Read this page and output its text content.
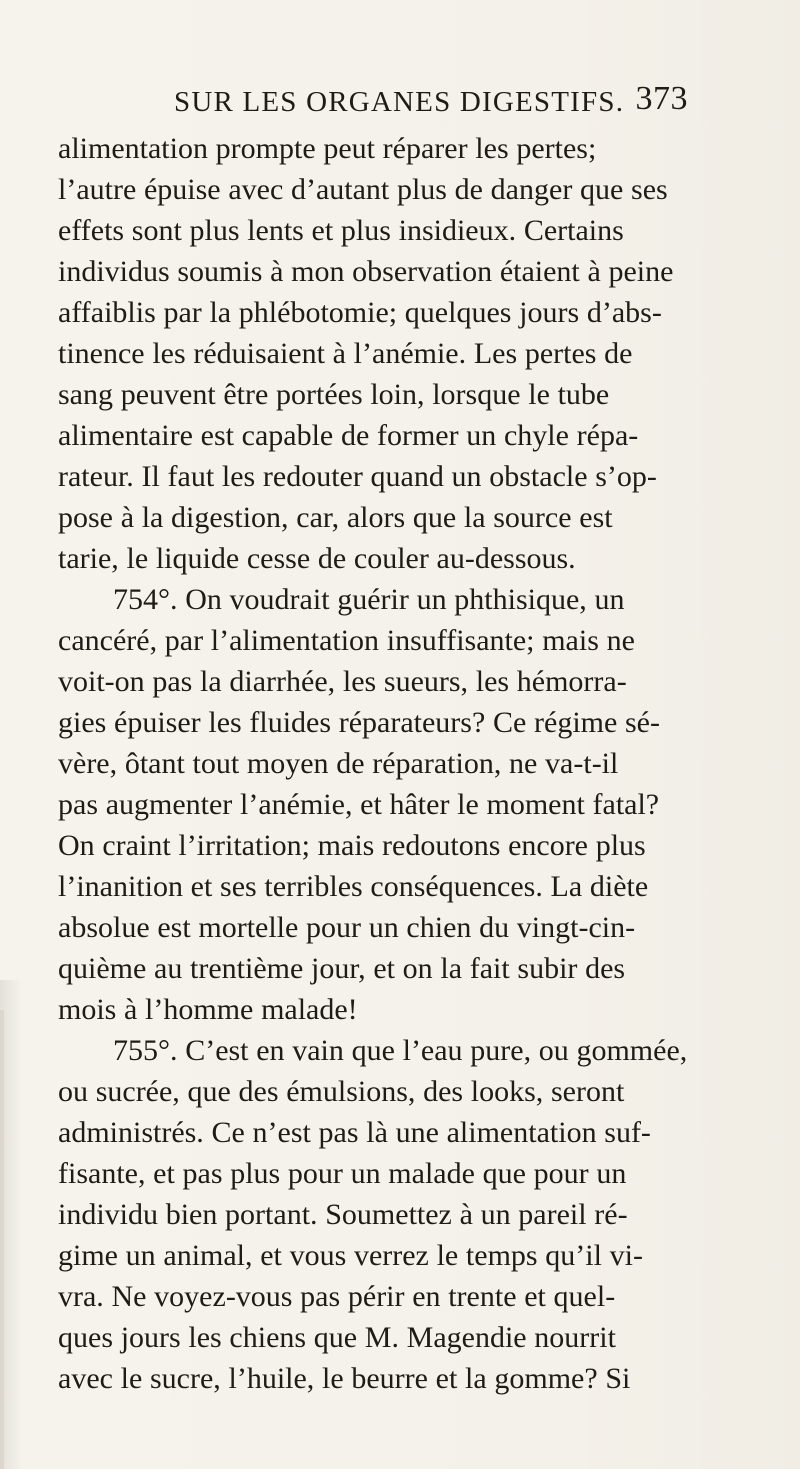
SUR LES ORGANES DIGESTIFS. 373
alimentation prompte peut réparer les pertes;
l’autre épuise avec d’autant plus de danger que ses
effets sont plus lents et plus insidieux. Certains
individus soumis à mon observation étaient à peine
affaiblis par la phlébotomie; quelques jours d’abs-
tinence les réduisaient à l’anémie. Les pertes de
sang peuvent être portées loin, lorsque le tube
alimentaire est capable de former un chyle répa-
rateur. Il faut les redouter quand un obstacle s’op-
pose à la digestion, car, alors que la source est
tarie, le liquide cesse de couler au-dessous.
754°. On voudrait guérir un phthisique, un
cancéré, par l’alimentation insuffisante; mais ne
voit-on pas la diarrhée, les sueurs, les hémorra-
gies épuiser les fluides réparateurs? Ce régime sé-
vère, ôtant tout moyen de réparation, ne va-t-il
pas augmenter l’anémie, et hâter le moment fatal?
On craint l’irritation; mais redoutons encore plus
l’inanition et ses terribles conséquences. La diète
absolue est mortelle pour un chien du vingt-cin-
quième au trentième jour, et on la fait subir des
mois à l’homme malade!
755°. C’est en vain que l’eau pure, ou gommée,
ou sucrée, que des émulsions, des looks, seront
administrés. Ce n’est pas là une alimentation suf-
fisante, et pas plus pour un malade que pour un
individu bien portant. Soumettez à un pareil ré-
gime un animal, et vous verrez le temps qu’il vi-
vra. Ne voyez-vous pas périr en trente et quel-
ques jours les chiens que M. Magendie nourrit
avec le sucre, l’huile, le beurre et la gomme? Si
